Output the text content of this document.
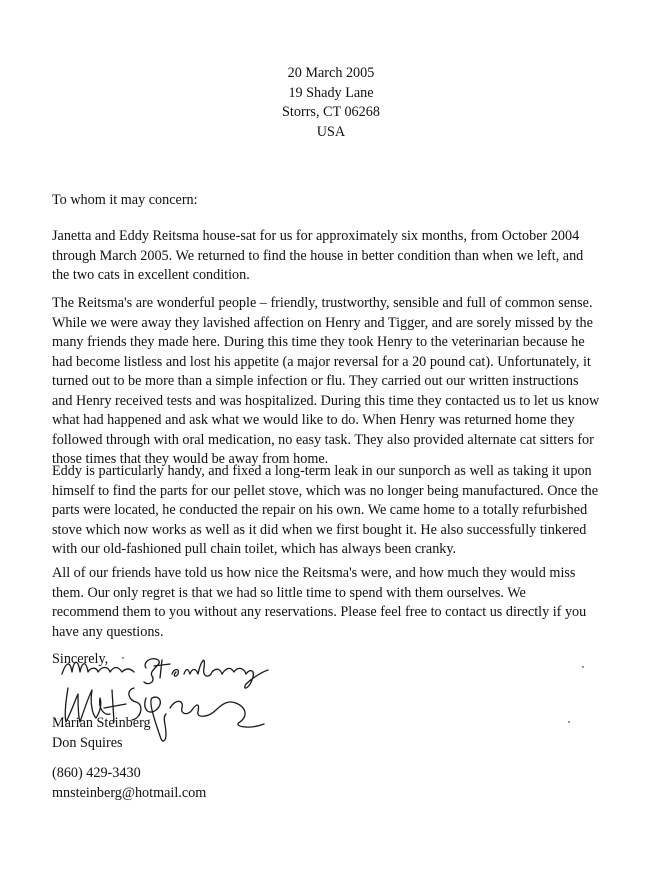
20 March 2005
19 Shady Lane
Storrs, CT 06268
USA
To whom it may concern:
Janetta and Eddy Reitsma house-sat for us for approximately six months, from October 2004
through March 2005. We returned to find the house in better condition than when we left, and
the two cats in excellent condition.
The Reitsma's are wonderful people – friendly, trustworthy, sensible and full of common sense.
While we were away they lavished affection on Henry and Tigger, and are sorely missed by the
many friends they made here. During this time they took Henry to the veterinarian because he
had become listless and lost his appetite (a major reversal for a 20 pound cat). Unfortunately, it
turned out to be more than a simple infection or flu. They carried out our written instructions
and Henry received tests and was hospitalized. During this time they contacted us to let us know
what had happened and ask what we would like to do. When Henry was returned home they
followed through with oral medication, no easy task. They also provided alternate cat sitters for
those times that they would be away from home.
Eddy is particularly handy, and fixed a long-term leak in our sunporch as well as taking it upon
himself to find the parts for our pellet stove, which was no longer being manufactured. Once the
parts were located, he conducted the repair on his own. We came home to a totally refurbished
stove which now works as well as it did when we first bought it. He also successfully tinkered
with our old-fashioned pull chain toilet, which has always been cranky.
All of our friends have told us how nice the Reitsma's were, and how much they would miss
them. Our only regret is that we had so little time to spend with them ourselves. We
recommend them to you without any reservations. Please feel free to contact us directly if you
have any questions.
Sincerely,
Marian Steinberg
Don Squires
(860) 429-3430
mnsteinberg@hotmail.com
